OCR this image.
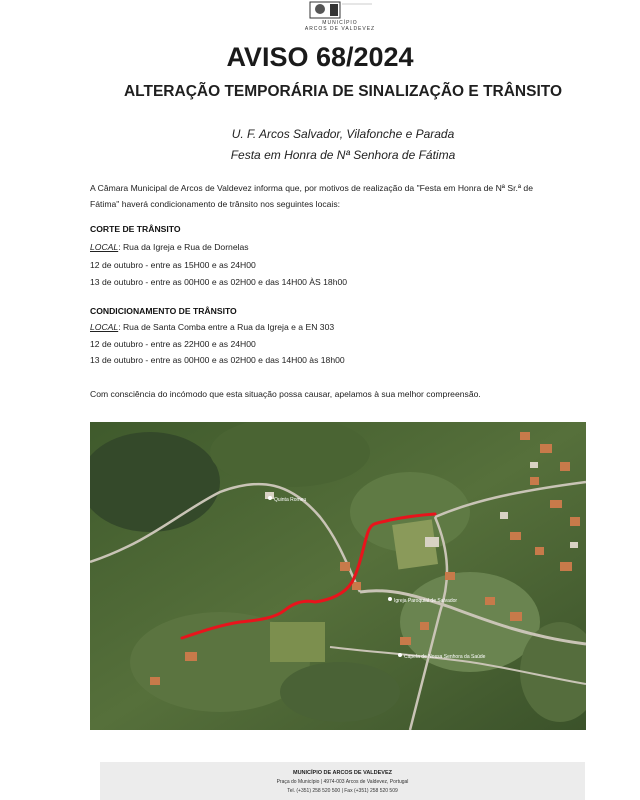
MUNICÍPIO
ARCOS DE VALDEVEZ
AVISO 68/2024
ALTERAÇÃO TEMPORÁRIA DE SINALIZAÇÃO E TRÂNSITO
U. F. Arcos Salvador, Vilafonche e Parada
Festa em Honra de Nª Senhora de Fátima
A Câmara Municipal de Arcos de Valdevez informa que, por motivos de realização da "Festa em Honra de Nª Sr.ª de
Fátima" haverá condicionamento de trânsito nos seguintes locais:
CORTE DE TRÂNSITO
LOCAL: Rua da Igreja e Rua de Dornelas
12 de outubro - entre as 15H00 e as 24H00
13 de outubro - entre as 00H00 e as 02H00 e das 14H00 ÀS 18h00
CONDICIONAMENTO DE TRÂNSITO
LOCAL: Rua de Santa Comba entre a Rua da Igreja e a EN 303
12 de outubro - entre as 22H00 e as 24H00
13 de outubro - entre as 00H00 e as 02H00 e das 14H00 às 18h00
Com consciência do incómodo que esta situação possa causar, apelamos à sua melhor compreensão.
Quinta Romeu
Igreja Paroquial de Salvador
Capela de Nossa Senhora da Saúde
MUNICÍPIO DE ARCOS DE VALDEVEZ
Praça do Município | 4974-003 Arcos de Valdevez, Portugal
Tel. (+351) 258 520 500 | Fax (+351) 258 520 509
